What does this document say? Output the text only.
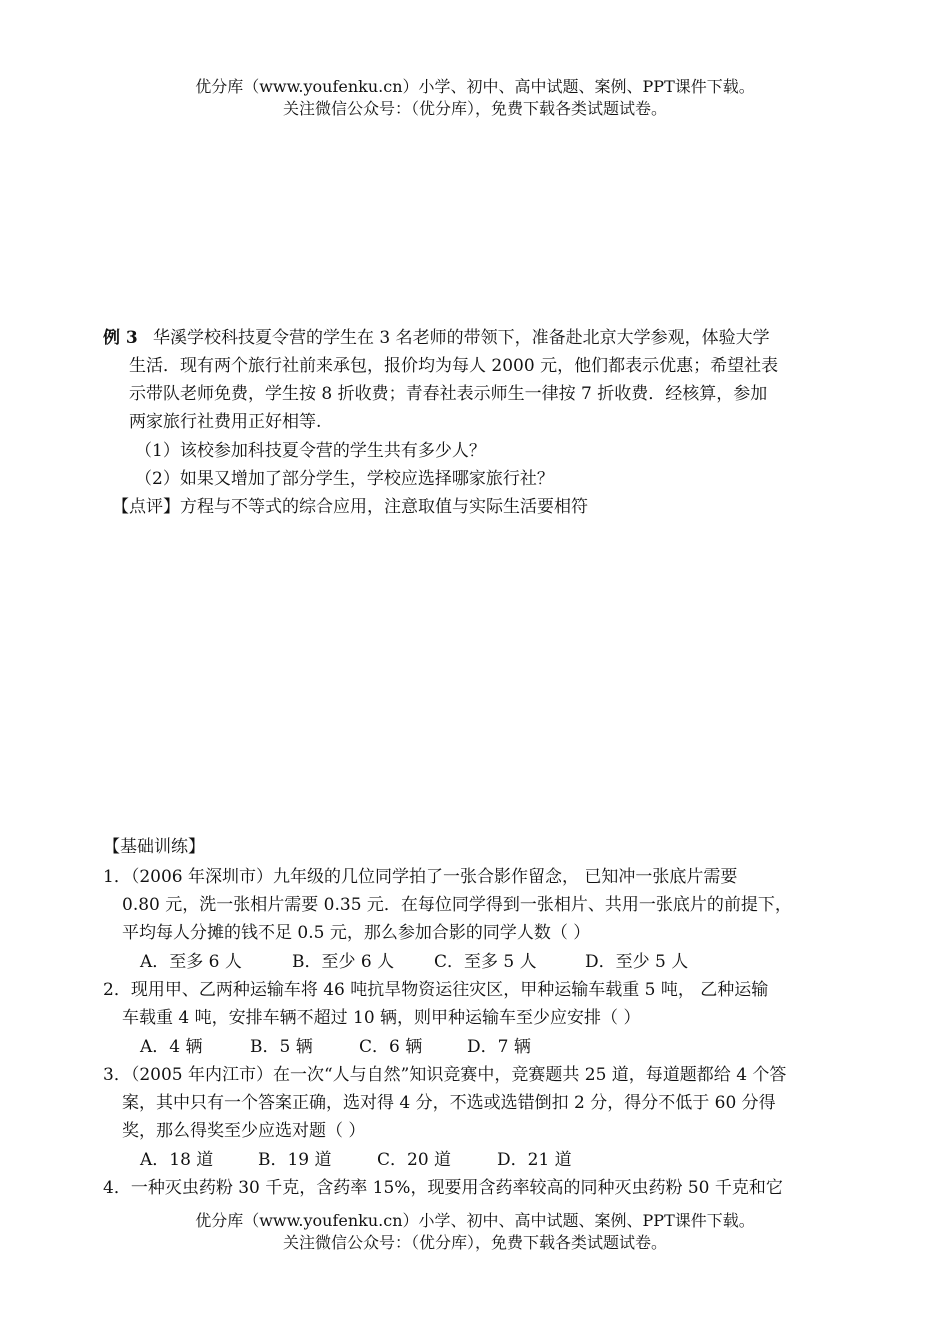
优分库（www.youfenku.cn）小学、初中、高中试题、案例、PPT课件下载。
关注微信公众号：（优分库），免费下载各类试题试卷。
例 3 华溪学校科技夏令营的学生在 3 名老师的带领下，准备赴北京大学参观，体验大学
生活．现有两个旅行社前来承包，报价均为每人 2000 元，他们都表示优惠；希望社表
示带队老师免费，学生按 8 折收费；青春社表示师生一律按 7 折收费．经核算，参加
两家旅行社费用正好相等.
（1）该校参加科技夏令营的学生共有多少人？
（2）如果又增加了部分学生，学校应选择哪家旅行社？
【点评】方程与不等式的综合应用，注意取值与实际生活要相符
【基础训练】
1．（2006 年深圳市）九年级的几位同学拍了一张合影作留念， 已知冲一张底片需要
0.80 元，洗一张相片需要 0.35 元．在每位同学得到一张相片、共用一张底片的前提下，
平均每人分摊的钱不足 0.5 元，那么参加合影的同学人数（ ）
A．至多 6 人	B．至少 6 人 C．至多 5 人	D．至少 5 人
2．现用甲、乙两种运输车将 46 吨抗旱物资运往灾区，甲种运输车载重 5 吨， 乙种运输
车载重 4 吨，安排车辆不超过 10 辆，则甲种运输车至少应安排（ ）
A．4 辆	B．5 辆	C．6 辆	D．7 辆
3．（2005 年内江市）在一次“人与自然”知识竞赛中，竞赛题共 25 道，每道题都给 4 个答
案，其中只有一个答案正确，选对得 4 分，不选或选错倒扣 2 分，得分不低于 60 分得
奖，那么得奖至少应选对题（ ）
A．18 道	B．19 道	C．20 道	D．21 道
4．一种灭虫药粉 30 千克，含药率 15%，现要用含药率较高的同种灭虫药粉 50 千克和它
优分库（www.youfenku.cn）小学、初中、高中试题、案例、PPT课件下载。
关注微信公众号：（优分库），免费下载各类试题试卷。
